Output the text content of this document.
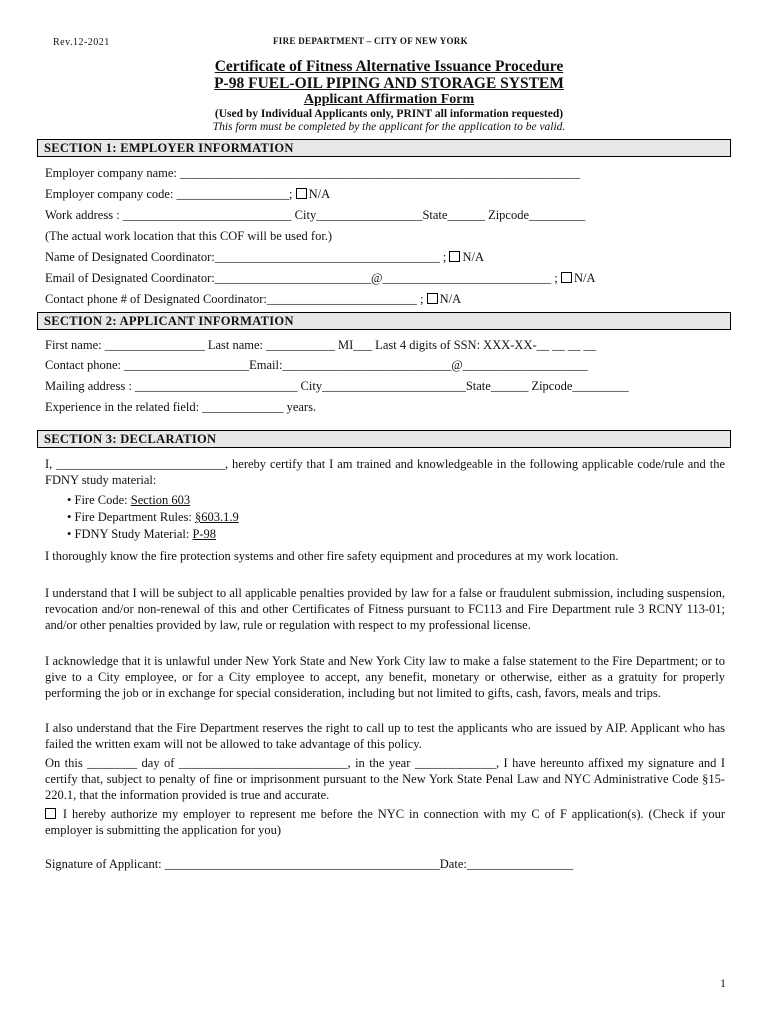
Rev.12-2021	FIRE DEPARTMENT – CITY OF NEW YORK
Certificate of Fitness Alternative Issuance Procedure
P-98 FUEL-OIL PIPING AND STORAGE SYSTEM
Applicant Affirmation Form
(Used by Individual Applicants only, PRINT all information requested)
This form must be completed by the applicant for the application to be valid.
SECTION 1: EMPLOYER INFORMATION
Employer company name: ________________________________________________________________
Employer company code: __________________; N/A
Work address : ___________________________ City_________________State______ Zipcode_________
(The actual work location that this COF will be used for.)
Name of Designated Coordinator:____________________________________ ; N/A
Email of Designated Coordinator:_________________________@___________________________ ; N/A
Contact phone # of Designated Coordinator:________________________ ; N/A
SECTION 2: APPLICANT INFORMATION
First name: ________________ Last name: ___________ MI___ Last 4 digits of SSN: XXX-XX-__ __ __ __
Contact phone: ____________________Email:___________________________@____________________
Mailing address : __________________________ City_______________________State______ Zipcode_________
Experience in the related field: _____________ years.
SECTION 3: DECLARATION
I, ___________________________, hereby certify that I am trained and knowledgeable in the following applicable code/rule and the FDNY study material:
• Fire Code: Section 603
• Fire Department Rules: §603.1.9
• FDNY Study Material: P-98
I thoroughly know the fire protection systems and other fire safety equipment and procedures at my work location.
I understand that I will be subject to all applicable penalties provided by law for a false or fraudulent submission, including suspension, revocation and/or non-renewal of this and other Certificates of Fitness pursuant to FC113 and Fire Department rule 3 RCNY 113-01; and/or other penalties provided by law, rule or regulation with respect to my professional license.
I acknowledge that it is unlawful under New York State and New York City law to make a false statement to the Fire Department; or to give to a City employee, or for a City employee to accept, any benefit, monetary or otherwise, either as a gratuity for properly performing the job or in exchange for special consideration, including but not limited to gifts, cash, favors, meals and trips.
I also understand that the Fire Department reserves the right to call up to test the applicants who are issued by AIP. Applicant who has failed the written exam will not be allowed to take advantage of this policy.
On this ________ day of ___________________________, in the year _____________, I have hereunto affixed my signature and I certify that, subject to penalty of fine or imprisonment pursuant to the New York State Penal Law and NYC Administrative Code §15-220.1, that the information provided is true and accurate.
I hereby authorize my employer to represent me before the NYC in connection with my C of F application(s). (Check if your employer is submitting the application for you)
Signature of Applicant: ____________________________________________Date:_________________
1
